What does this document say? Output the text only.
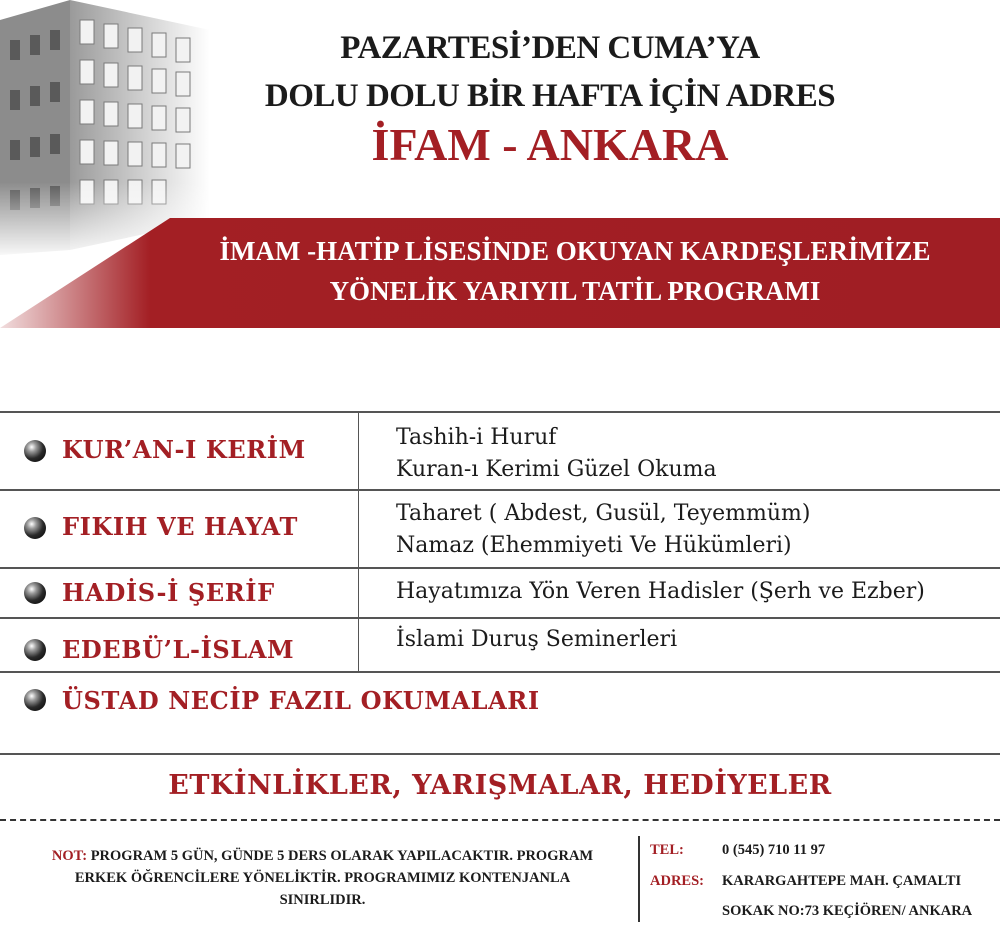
PAZARTESİ’DEN CUMA’YA
DOLU DOLU BİR HAFTA İÇİN ADRES
İFAM - ANKARA
İMAM -HATİP LİSESİNDE OKUYAN KARDEŞLERİMİZE
YÖNELİK YARIYIL TATİL PROGRAMI
KUR’AN-I KERİM	Tashih-i Huruf
Kuran-ı Kerimi Güzel Okuma
FIKIH VE HAYAT	Taharet ( Abdest, Gusül, Teyemmüm)
Namaz (Ehemmiyeti Ve Hükümleri)
HADİS-İ ŞERİF	Hayatımıza Yön Veren Hadisler (Şerh ve Ezber)
EDEBÜ’L-İSLAM	İslami Duruş Seminerleri
ÜSTAD NECİP FAZIL OKUMALARI
ETKİNLİKLER, YARIŞMALAR, HEDİYELER
NOT: PROGRAM 5 GÜN, GÜNDE 5 DERS OLARAK YAPILACAKTIR. PROGRAM
ERKEK ÖĞRENCİLERE YÖNELİKTİR. PROGRAMIMIZ KONTENJANLA
SINIRLIDIR.
TEL:	0 (545) 710 11 97
ADRES: KARARGAHTEPE MAH. ÇAMALTI
SOKAK NO:73 KEÇİÖREN/ ANKARA
